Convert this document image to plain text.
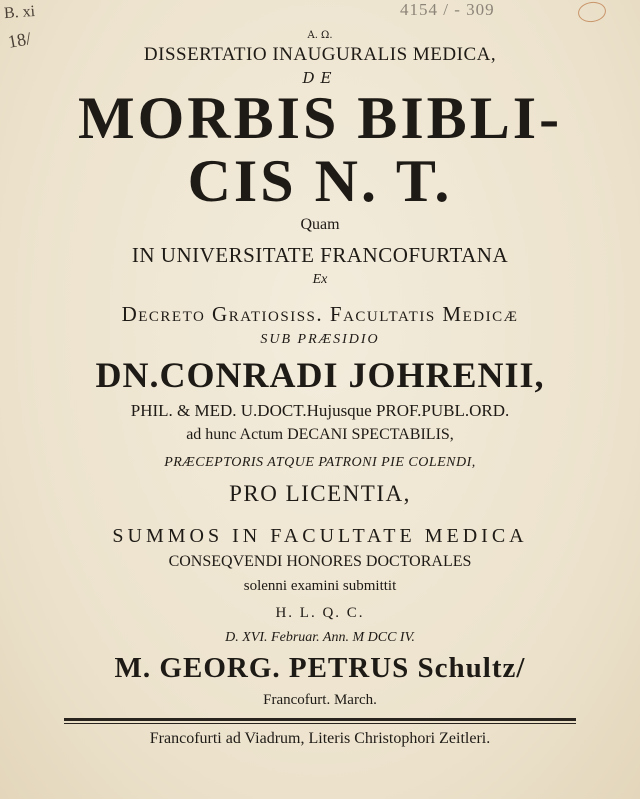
B. xi
18/
4154 / - 309
A. Ω.
DISSERTATIO INAUGURALIS MEDICA,
DE
MORBIS BIBLI-
CIS N. T.
Quam
IN UNIVERSITATE FRANCOFURTANA
Ex
Decreto Gratiosiss. Facultatis Medicæ
SUB PRÆSIDIO
DN.CONRADI JOHRENII,
PHIL. & MED. U.DOCT.Hujusque PROF.PUBL.ORD.
ad hunc Actum DECANI SPECTABILIS,
PRÆCEPTORIS ATQUE PATRONI PIE COLENDI,
PRO LICENTIA,
SUMMOS IN FACULTATE MEDICA
CONSEQVENDI HONORES DOCTORALES
solenni examini submittit
H. L. Q. C.
D. XVI. Februar. Ann. M DCC IV.
M. GEORG. PETRUS Schultz/
Francofurt. March.
Francofurti ad Viadrum, Literis Christophori Zeitleri.
